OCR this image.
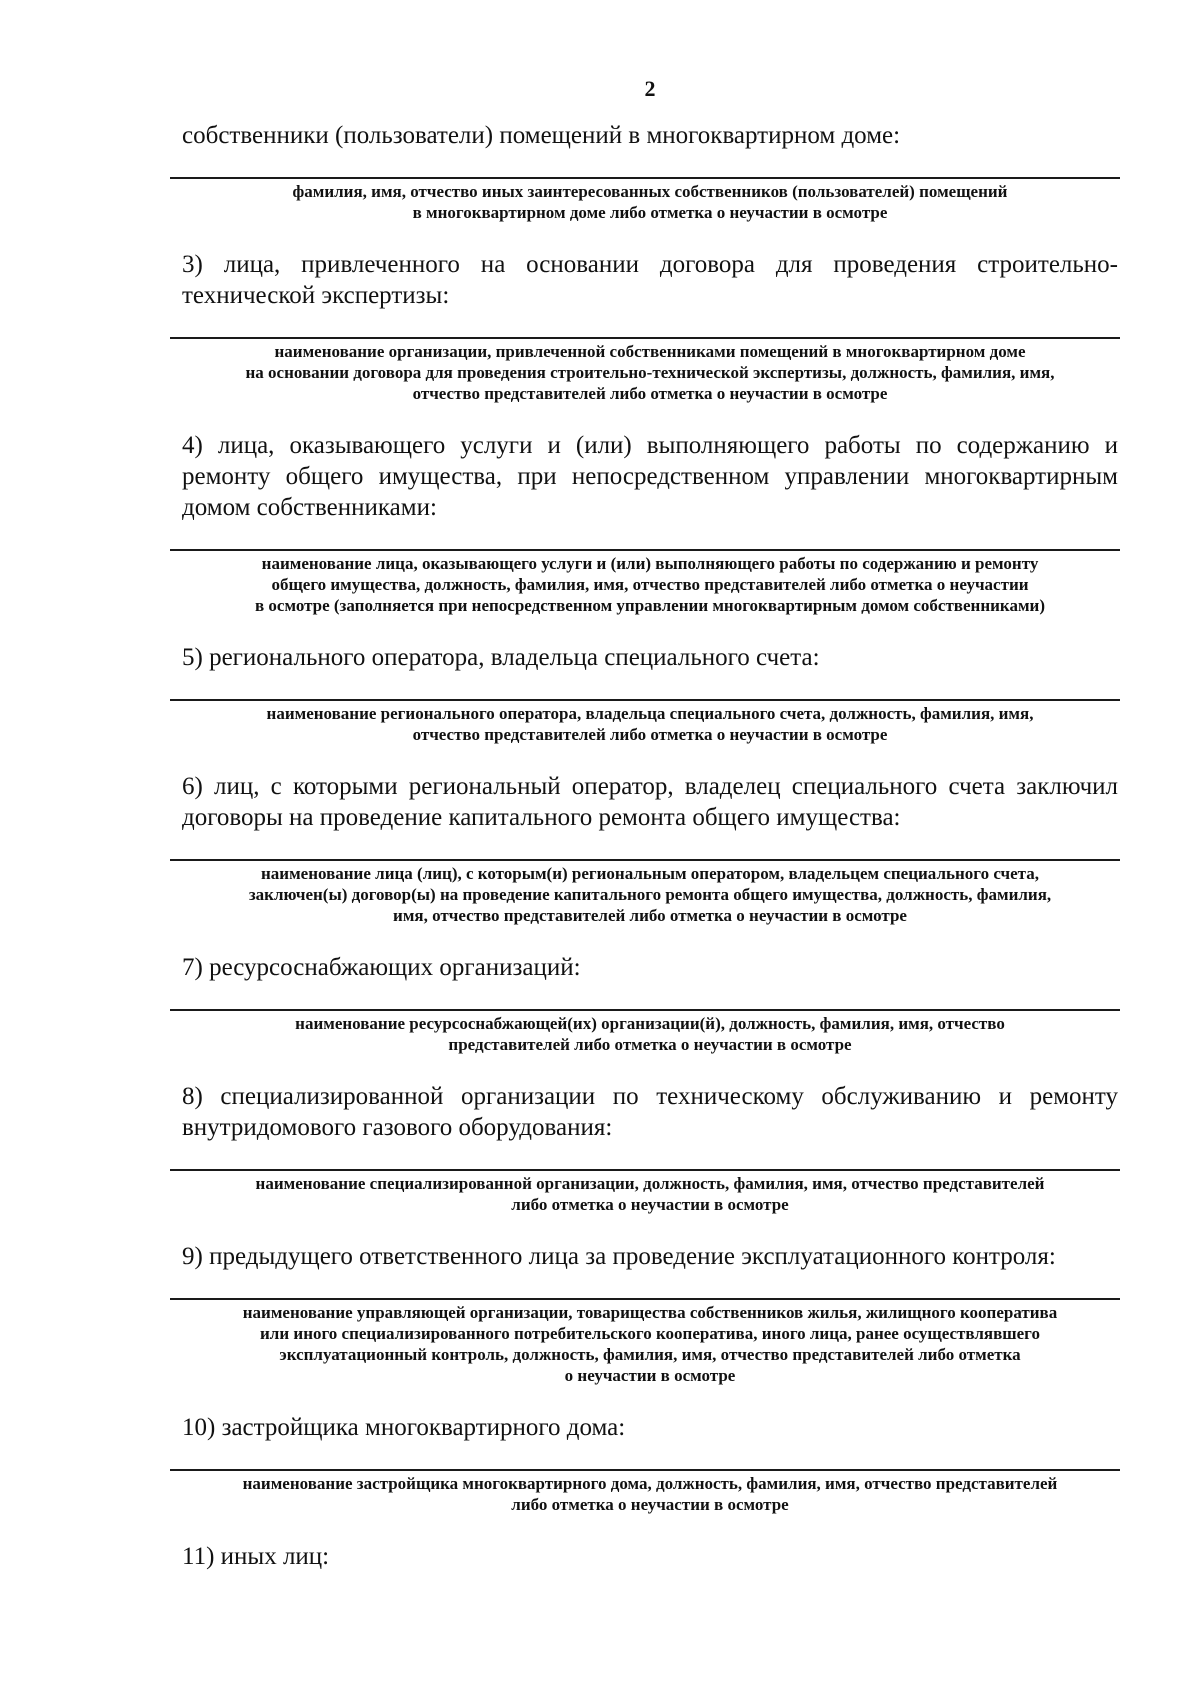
2

собственники (пользователи) помещений в многоквартирном доме:

фамилия, имя, отчество иных заинтересованных собственников (пользователей) помещений
в многоквартирном доме либо отметка о неучастии в осмотре

3) лица, привлеченного на основании договора для проведения строительно-технической экспертизы:

наименование организации, привлеченной собственниками помещений в многоквартирном доме
на основании договора для проведения строительно-технической экспертизы, должность, фамилия, имя,
отчество представителей либо отметка о неучастии в осмотре

4) лица, оказывающего услуги и (или) выполняющего работы по содержанию и ремонту общего имущества, при непосредственном управлении многоквартирным домом собственниками:

наименование лица, оказывающего услуги и (или) выполняющего работы по содержанию и ремонту
общего имущества, должность, фамилия, имя, отчество представителей либо отметка о неучастии
в осмотре (заполняется при непосредственном управлении многоквартирным домом собственниками)

5) регионального оператора, владельца специального счета:

наименование регионального оператора, владельца специального счета, должность, фамилия, имя,
отчество представителей либо отметка о неучастии в осмотре

6) лиц, с которыми региональный оператор, владелец специального счета заключил договоры на проведение капитального ремонта общего имущества:

наименование лица (лиц), с которым(и) региональным оператором, владельцем специального счета,
заключен(ы) договор(ы) на проведение капитального ремонта общего имущества, должность, фамилия,
имя, отчество представителей либо отметка о неучастии в осмотре

7) ресурсоснабжающих организаций:

наименование ресурсоснабжающей(их) организации(й), должность, фамилия, имя, отчество
представителей либо отметка о неучастии в осмотре

8) специализированной организации по техническому обслуживанию и ремонту внутридомового газового оборудования:

наименование специализированной организации, должность, фамилия, имя, отчество представителей
либо отметка о неучастии в осмотре

9) предыдущего ответственного лица за проведение эксплуатационного контроля:

наименование управляющей организации, товарищества собственников жилья, жилищного кооператива
или иного специализированного потребительского кооператива, иного лица, ранее осуществлявшего
эксплуатационный контроль, должность, фамилия, имя, отчество представителей либо отметка
о неучастии в осмотре

10) застройщика многоквартирного дома:

наименование застройщика многоквартирного дома, должность, фамилия, имя, отчество представителей
либо отметка о неучастии в осмотре

11) иных лиц:
